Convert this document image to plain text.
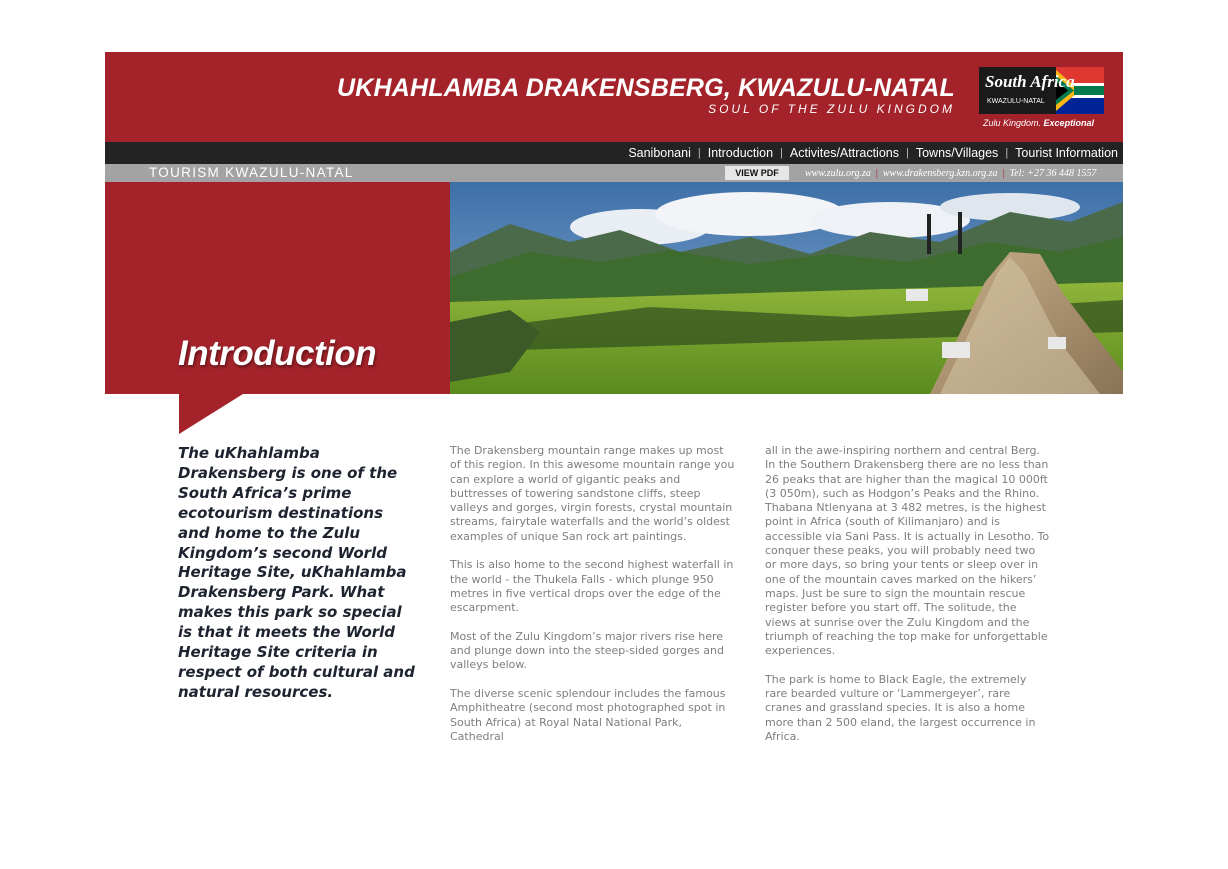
UKHAHLAMBA DRAKENSBERG, KWAZULU-NATAL
SOUL OF THE ZULU KINGDOM
South Africa
KWAZULU-NATAL
Zulu Kingdom. Exceptional
Sanibonani | Introduction | Activites/Attractions | Towns/Villages | Tourist Information
TOURISM KWAZULU-NATAL	VIEW PDF	www.zulu.org.za | www.drakensberg.kzn.org.za | Tel: +27 36 448 1557
Introduction
The uKhahlamba Drakensberg is one of the South Africa’s prime ecotourism destinations and home to the Zulu Kingdom’s second World Heritage Site, uKhahlamba Drakensberg Park. What makes this park so special is that it meets the World Heritage Site criteria in respect of both cultural and natural resources.

The Drakensberg mountain range makes up most of this region. In this awesome mountain range you can explore a world of gigantic peaks and buttresses of towering sandstone cliffs, steep valleys and gorges, virgin forests, crystal mountain streams, fairytale waterfalls and the world’s oldest examples of unique San rock art paintings.

This is also home to the second highest waterfall in the world - the Thukela Falls - which plunge 950 metres in five vertical drops over the edge of the escarpment.

Most of the Zulu Kingdom’s major rivers rise here and plunge down into the steep-sided gorges and valleys below.

The diverse scenic splendour includes the famous Amphitheatre (second most photographed spot in South Africa) at Royal Natal National Park, Cathedral

all in the awe-inspiring northern and central Berg. In the Southern Drakensberg there are no less than 26 peaks that are higher than the magical 10 000ft (3 050m), such as Hodgon’s Peaks and the Rhino. Thabana Ntlenyana at 3 482 metres, is the highest point in Africa (south of Kilimanjaro) and is accessible via Sani Pass. It is actually in Lesotho. To conquer these peaks, you will probably need two or more days, so bring your tents or sleep over in one of the mountain caves marked on the hikers’ maps. Just be sure to sign the mountain rescue register before you start off. The solitude, the views at sunrise over the Zulu Kingdom and the triumph of reaching the top make for unforgettable experiences.

The park is home to Black Eagle, the extremely rare bearded vulture or ‘Lammergeyer’, rare cranes and grassland species. It is also a home more than 2 500 eland, the largest occurrence in Africa.
